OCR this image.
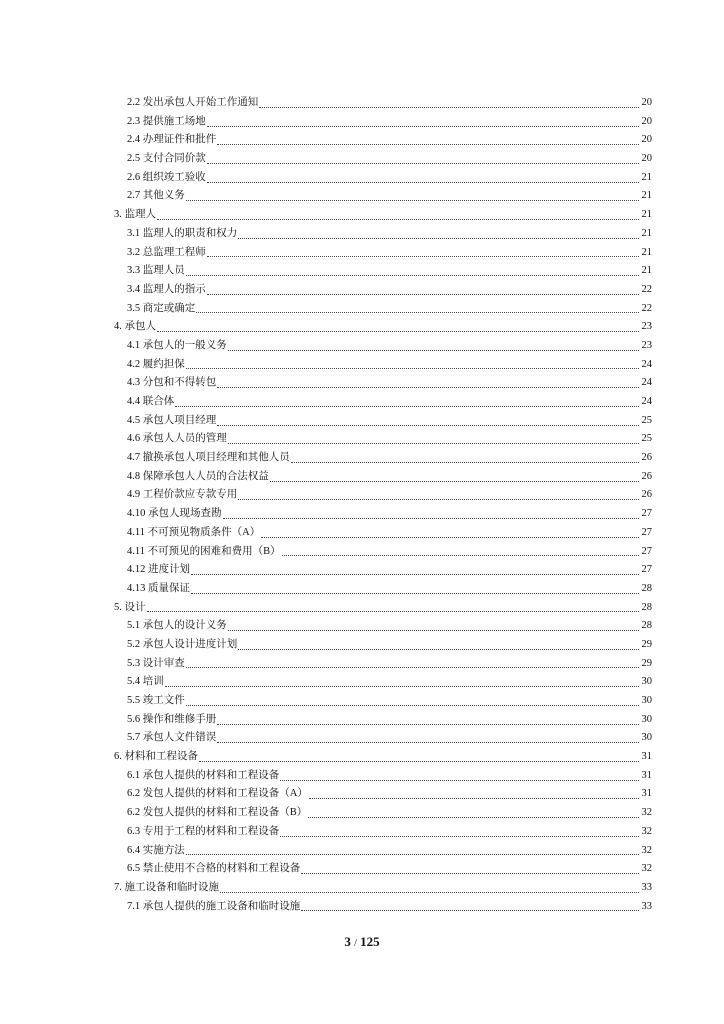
2.2 发出承包人开始工作通知	20
2.3 提供施工场地	20
2.4 办理证件和批件	20
2.5 支付合同价款	20
2.6 组织竣工验收	21
2.7 其他义务	21
3. 监理人	21
3.1 监理人的职责和权力	21
3.2 总监理工程师	21
3.3 监理人员	21
3.4 监理人的指示	22
3.5 商定或确定	22
4. 承包人	23
4.1 承包人的一般义务	23
4.2 履约担保	24
4.3 分包和不得转包	24
4.4 联合体	24
4.5 承包人项目经理	25
4.6 承包人人员的管理	25
4.7 撤换承包人项目经理和其他人员	26
4.8 保障承包人人员的合法权益	26
4.9 工程价款应专款专用	26
4.10 承包人现场查勘	27
4.11 不可预见物质条件（A）	27
4.11 不可预见的困难和费用（B）	27
4.12 进度计划	27
4.13 质量保证	28
5. 设计	28
5.1 承包人的设计义务	28
5.2 承包人设计进度计划	29
5.3 设计审查	29
5.4 培训	30
5.5 竣工文件	30
5.6 操作和维修手册	30
5.7 承包人文件错误	30
6. 材料和工程设备	31
6.1 承包人提供的材料和工程设备	31
6.2 发包人提供的材料和工程设备（A）	31
6.2 发包人提供的材料和工程设备（B）	32
6.3 专用于工程的材料和工程设备	32
6.4 实施方法	32
6.5 禁止使用不合格的材料和工程设备	32
7. 施工设备和临时设施	33
7.1 承包人提供的施工设备和临时设施	33
3 / 125
